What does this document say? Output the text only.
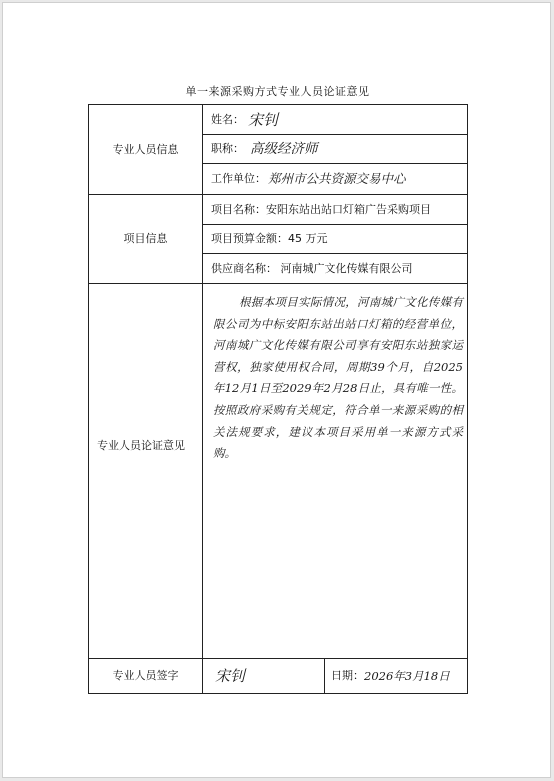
单一来源采购方式专业人员论证意见
专业人员信息
姓名： 宋钊
职称： 高级经济师
工作单位： 郑州市公共资源交易中心
项目信息
项目名称：安阳东站出站口灯箱广告采购项目
项目预算金额：45 万元
供应商名称： 河南城广文化传媒有限公司
专业人员论证意见
根据本项目实际情况，河南城广文化传媒有限公司为中标安阳东站出站口灯箱的经营单位，河南城广文化传媒有限公司享有安阳东站独家运营权，独家使用权合同，周期39个月，自2025年12月1日至2029年2月28日止，具有唯一性。按照政府采购有关规定，符合单一来源采购的相关法规要求，建议本项目采用单一来源方式采购。
专业人员签字	宋钊	日期： 2026年3月18日
